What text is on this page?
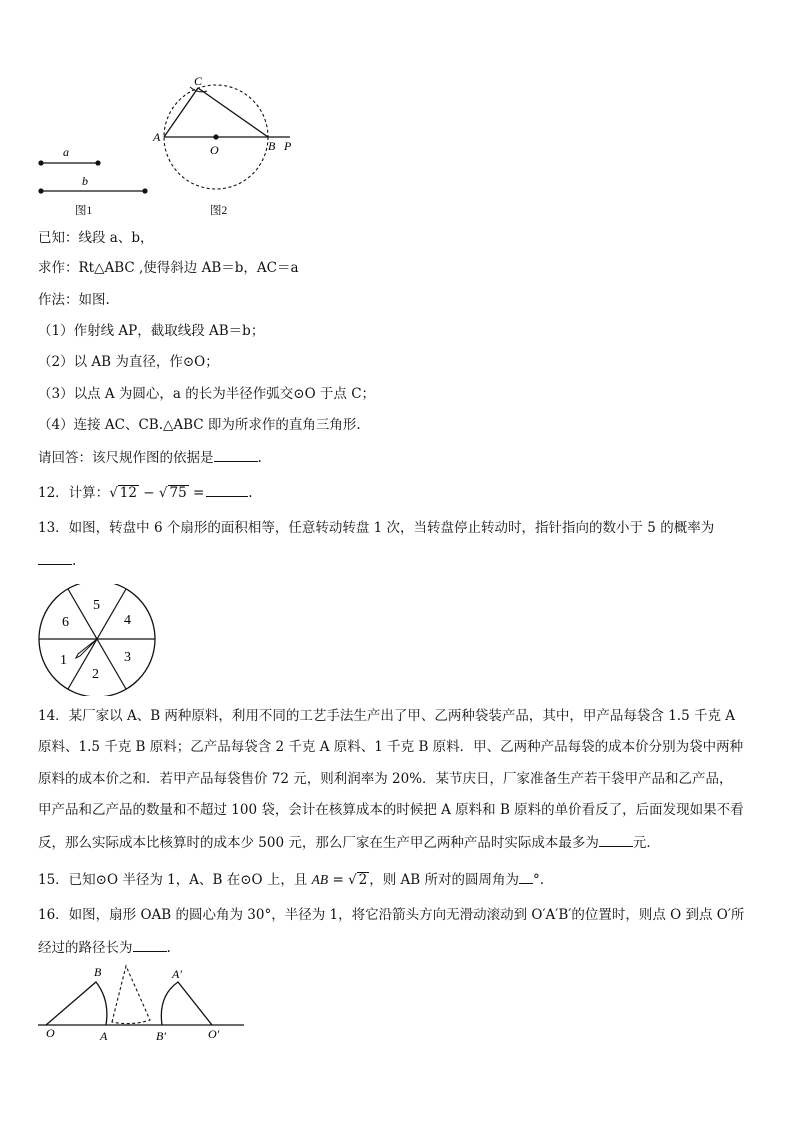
a
b
图1
C
A
O	B P
图2
已知：线段 a、b，
求作：Rt△ABC ,使得斜边 AB＝b，AC＝a
作法：如图.
（1）作射线 AP，截取线段 AB＝b；
（2）以 AB 为直径，作⊙O；
（3）以点 A 为圆心，a 的长为半径作弧交⊙O 于点 C；
（4）连接 AC、CB.△ABC 即为所求作的直角三角形.
请回答：该尺规作图的依据是	.
12．计算：√ 12 − √ 75 =	.
13．如图，转盘中 6 个扇形的面积相等，任意转动转盘 1 次，当转盘停止转动时，指针指向的数小于 5 的概率为
.
5
4
6
3
1
2
14．某厂家以 A、B 两种原料，利用不同的工艺手法生产出了甲、乙两种袋装产品，其中，甲产品每袋含 1.5 千克 A
原料、1.5 千克 B 原料；乙产品每袋含 2 千克 A 原料、1 千克 B 原料．甲、乙两种产品每袋的成本价分别为袋中两种
原料的成本价之和．若甲产品每袋售价 72 元，则利润率为 20%．某节庆日，厂家准备生产若干袋甲产品和乙产品，
甲产品和乙产品的数量和不超过 100 袋，会计在核算成本的时候把 A 原料和 B 原料的单价看反了，后面发现如果不看
反，那么实际成本比核算时的成本少 500 元，那么厂家在生产甲乙两种产品时实际成本最多为	元．
15．已知⊙O 半径为 1，A、B 在⊙O 上，且 AB = √ 2 ，则 AB 所对的圆周角为 °.
16．如图，扇形 OAB 的圆心角为 30°，半径为 1，将它沿箭头方向无滑动滚动到 O′A′B′的位置时，则点 O 到点 O′所
经过的路径长为	.
O	A
B
B′
A′
O′
